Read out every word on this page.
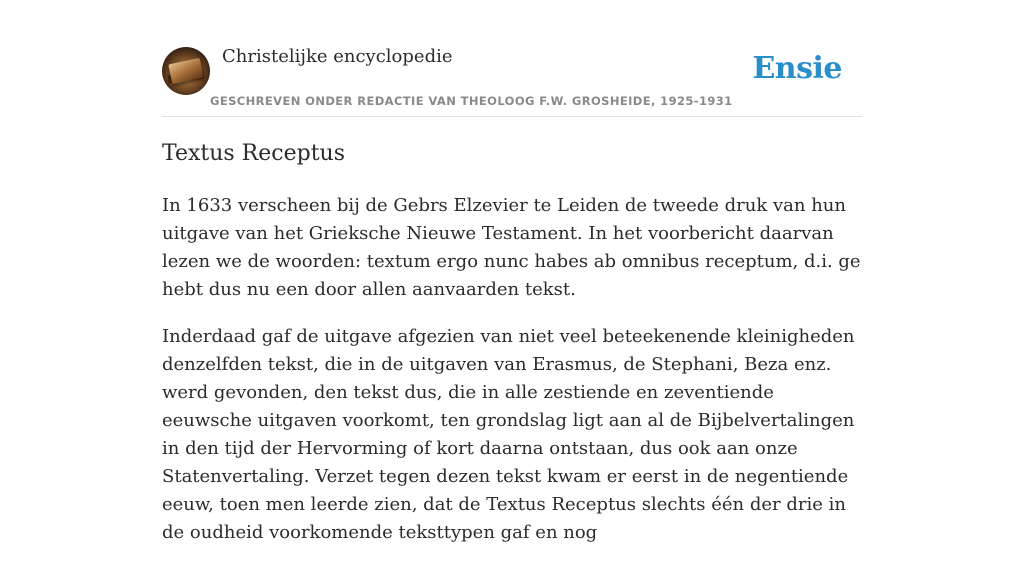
Christelijke encyclopedie
GESCHREVEN ONDER REDACTIE VAN THEOLOOG F.W. GROSHEIDE, 1925-1931
Ensie
Textus Receptus

In 1633 verscheen bij de Gebrs Elzevier te Leiden de tweede druk van hun uitgave van het Grieksche Nieuwe Testament. In het voorbericht daarvan lezen we de woorden: textum ergo nunc habes ab omnibus receptum, d.i. ge hebt dus nu een door allen aanvaarden tekst.

Inderdaad gaf de uitgave afgezien van niet veel beteekenende kleinigheden denzelfden tekst, die in de uitgaven van Erasmus, de Stephani, Beza enz. werd gevonden, den tekst dus, die in alle zestiende en zeventiende eeuwsche uitgaven voorkomt, ten grondslag ligt aan al de Bijbelvertalingen in den tijd der Hervorming of kort daarna ontstaan, dus ook aan onze Statenvertaling. Verzet tegen dezen tekst kwam er eerst in de negentiende eeuw, toen men leerde zien, dat de Textus Receptus slechts één der drie in de oudheid voorkomende teksttypen gaf en nog
